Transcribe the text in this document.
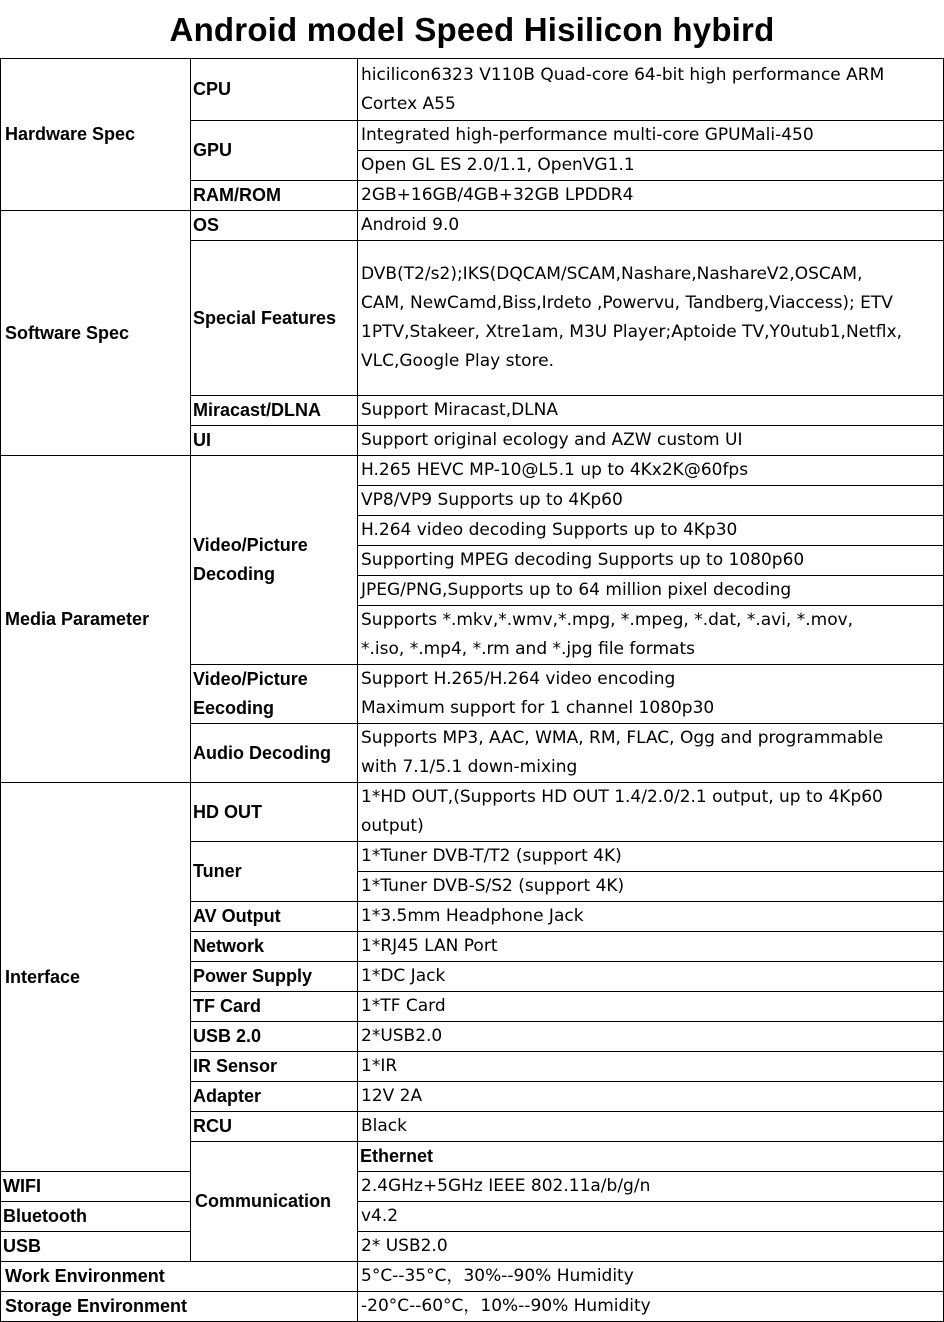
Android model Speed Hisilicon hybird
Hardware Spec	CPU	hicilicon6323 V110B Quad-core 64-bit high performance ARM
Cortex A55	

	GPU	Integrated high-performance multi-core GPUMali-450	
		Open GL ES 2.0/1.1, OpenVG1.1	
	RAM/ROM	2GB+16GB/4GB+32GB LPDDR4	
Software Spec	OS	Android 9.0	
	Special Features	DVB(T2/s2);IKS(DQCAM/SCAM,Nashare,NashareV2,OSCAM,
CAM, NewCamd,Biss,Irdeto ,Powervu, Tandberg,Viaccess); ETV
1PTV,Stakeer, Xtre1am, M3U Player;Aptoide TV,Y0utub1,Netflx,
VLC,Google Play store.	

	Miracast/DLNA	Support Miracast,DLNA	
	UI	Support original ecology and AZW custom UI	
Media Parameter	Video/Picture
Decoding	H.265 HEVC MP-10@L5.1 up to 4Kx2K@60fps	
		VP8/VP9 Supports up to 4Kp60	
		H.264 video decoding Supports up to 4Kp30	
		Supporting MPEG decoding Supports up to 1080p60	
		JPEG/PNG,Supports up to 64 million pixel decoding	

		Supports *.mkv,*.wmv,*.mpg, *.mpeg, *.dat, *.avi, *.mov,
*.iso, *.mp4, *.rm and *.jpg file formats	

	Video/Picture
Eecoding	Support H.265/H.264 video encoding
Maximum support for 1 channel 1080p30	

	Audio Decoding	Supports MP3, AAC, WMA, RM, FLAC, Ogg and programmable
with 7.1/5.1 down-mixing	

Interface	HD OUT	1*HD OUT,(Supports HD OUT 1.4/2.0/2.1 output, up to 4Kp60
output)	

	Tuner	1*Tuner DVB-T/T2 (support 4K)	
		1*Tuner DVB-S/S2 (support 4K)	
	AV Output	1*3.5mm Headphone Jack	
	Network	1*RJ45 LAN Port	
	Power Supply	1*DC Jack	
	TF Card	1*TF Card	
	USB 2.0	2*USB2.0	
	IR Sensor	1*IR	
	Adapter	12V 2A	
	RCU	Black	
	Communication	Ethernet	
WIFI		2.4GHz+5GHz IEEE 802.11a/b/g/n	
Bluetooth		v4.2	
USB		2* USB2.0	
Work Environment		5°C--35°C，30%--90% Humidity	
Storage Environment		-20°C--60°C，10%--90% Humidity	
